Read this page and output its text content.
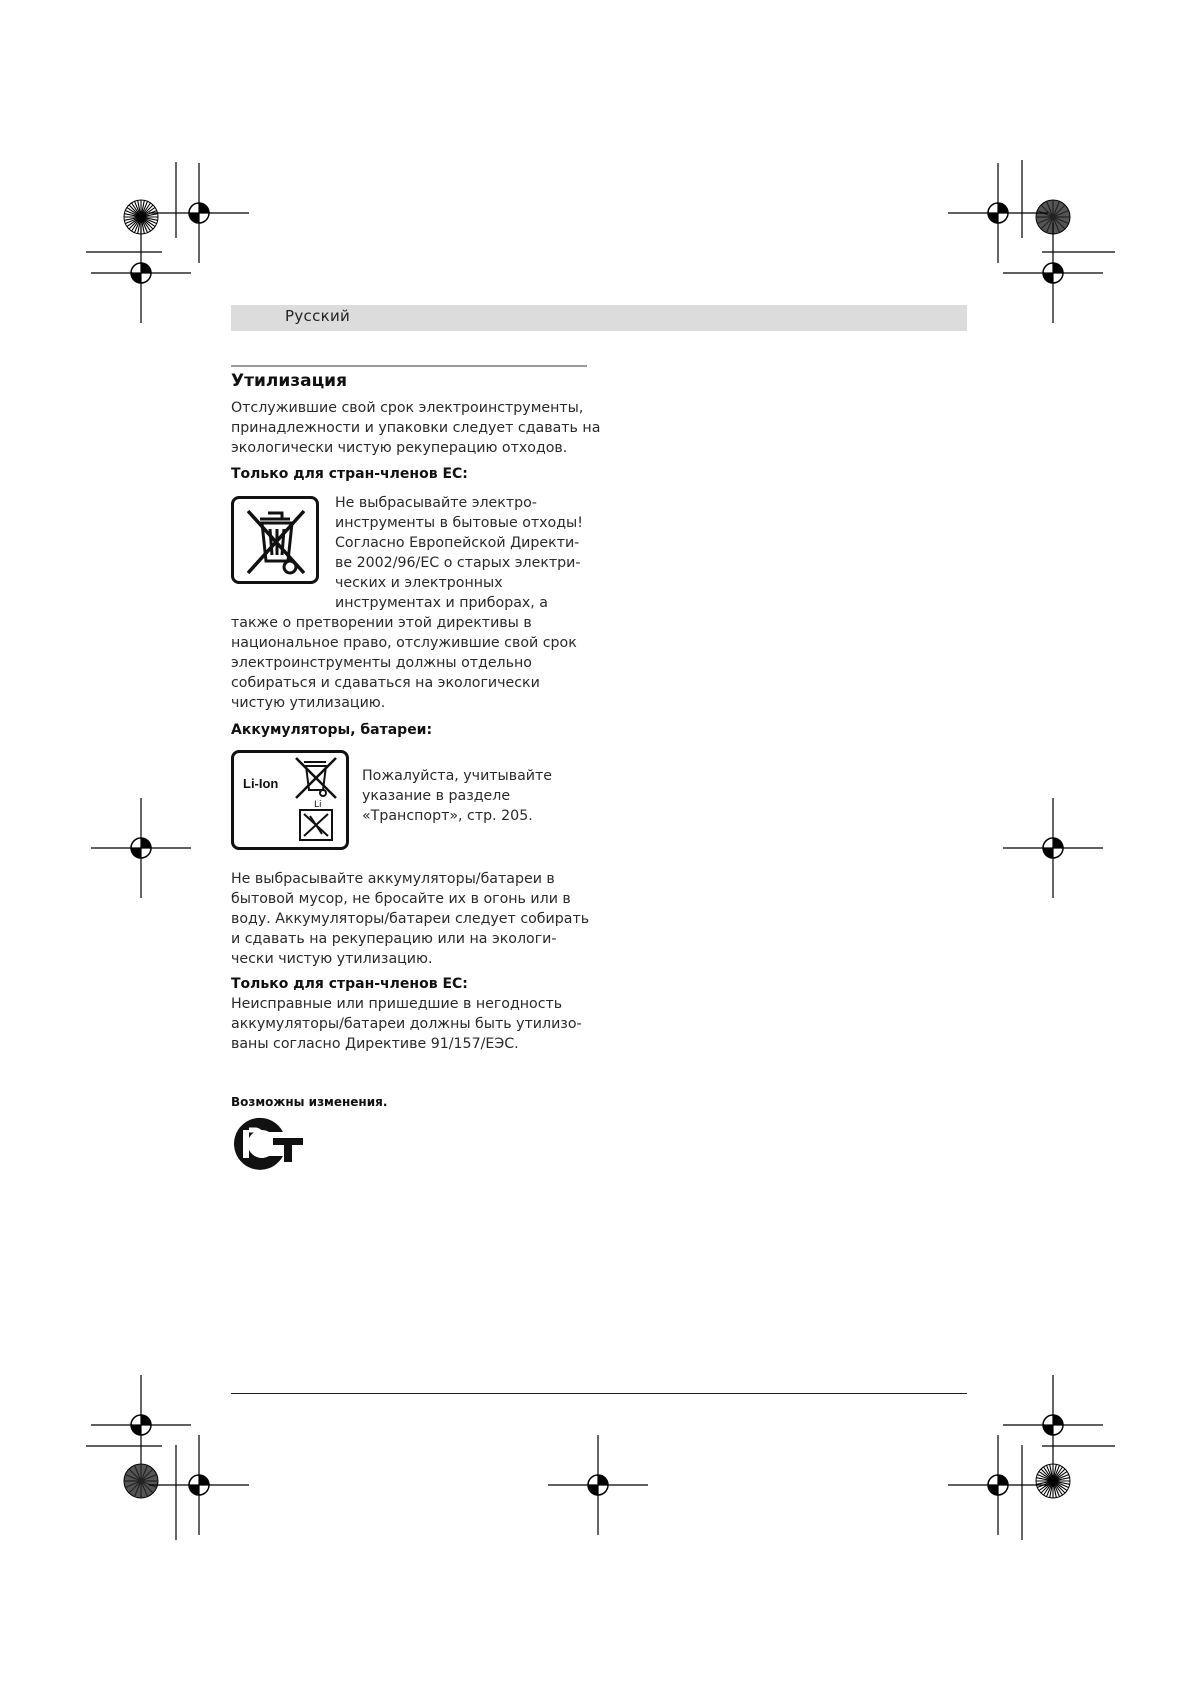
Русский
Утилизация
Отслужившие свой срок электроинструменты,
принадлежности и упаковки следует сдавать на
экологически чистую рекуперацию отходов.
Только для стран-членов ЕС:
Не выбрасывайте электро-
инструменты в бытовые отходы!
Согласно Европейской Директи-
ве 2002/96/ЕС о старых электри-
ческих и электронных
инструментах и приборах, а
также о претворении этой директивы в
национальное право, отслужившие свой срок
электроинструменты должны отдельно
собираться и сдаваться на экологически
чистую утилизацию.
Аккумуляторы, батареи:
Li-Ion
Li
Пожалуйста, учитывайте
указание в разделе
«Транспорт», стр. 205.
Не выбрасывайте аккумуляторы/батареи в
бытовой мусор, не бросайте их в огонь или в
воду. Аккумуляторы/батареи следует собирать
и сдавать на рекуперацию или на экологи-
чески чистую утилизацию.
Только для стран-членов ЕС:
Неисправные или пришедшие в негодность
аккумуляторы/батареи должны быть утилизо-
ваны согласно Директиве 91/157/ЕЭС.
Возможны изменения.
